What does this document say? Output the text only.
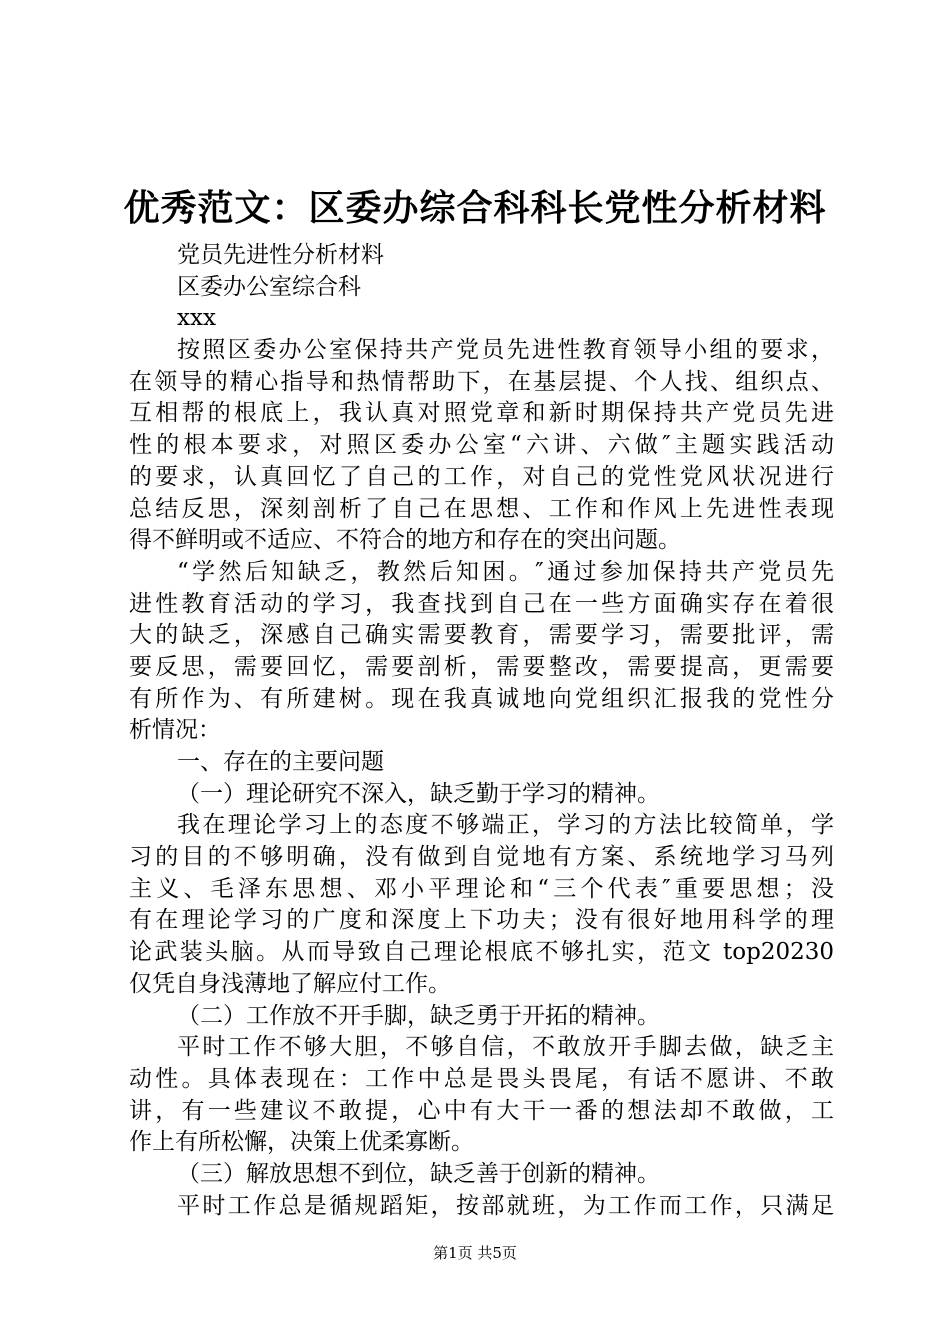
优秀范文：区委办综合科科长党性分析材料
党员先进性分析材料
区委办公室综合科
xxx
按照区委办公室保持共产党员先进性教育领导小组的要求，
在领导的精心指导和热情帮助下，在基层提、个人找、组织点、
互相帮的根底上，我认真对照党章和新时期保持共产党员先进
性的根本要求，对照区委办公室“六讲、六做″主题实践活动
的要求，认真回忆了自己的工作，对自己的党性党风状况进行
总结反思，深刻剖析了自己在思想、工作和作风上先进性表现
得不鲜明或不适应、不符合的地方和存在的突出问题。
“学然后知缺乏，教然后知困。″通过参加保持共产党员先
进性教育活动的学习，我查找到自己在一些方面确实存在着很
大的缺乏，深感自己确实需要教育，需要学习，需要批评，需
要反思，需要回忆，需要剖析，需要整改，需要提高，更需要
有所作为、有所建树。现在我真诚地向党组织汇报我的党性分
析情况：
一、存在的主要问题
（一）理论研究不深入，缺乏勤于学习的精神。
我在理论学习上的态度不够端正，学习的方法比较简单，学
习的目的不够明确，没有做到自觉地有方案、系统地学习马列
主义、毛泽东思想、邓小平理论和“三个代表″重要思想；没
有在理论学习的广度和深度上下功夫；没有很好地用科学的理
论武装头脑。从而导致自己理论根底不够扎实，范文 top20230
仅凭自身浅薄地了解应付工作。
（二）工作放不开手脚，缺乏勇于开拓的精神。
平时工作不够大胆，不够自信，不敢放开手脚去做，缺乏主
动性。具体表现在：工作中总是畏头畏尾，有话不愿讲、不敢
讲，有一些建议不敢提，心中有大干一番的想法却不敢做，工
作上有所松懈，决策上优柔寡断。
（三）解放思想不到位，缺乏善于创新的精神。
平时工作总是循规蹈矩，按部就班，为工作而工作，只满足
第1页 共5页
